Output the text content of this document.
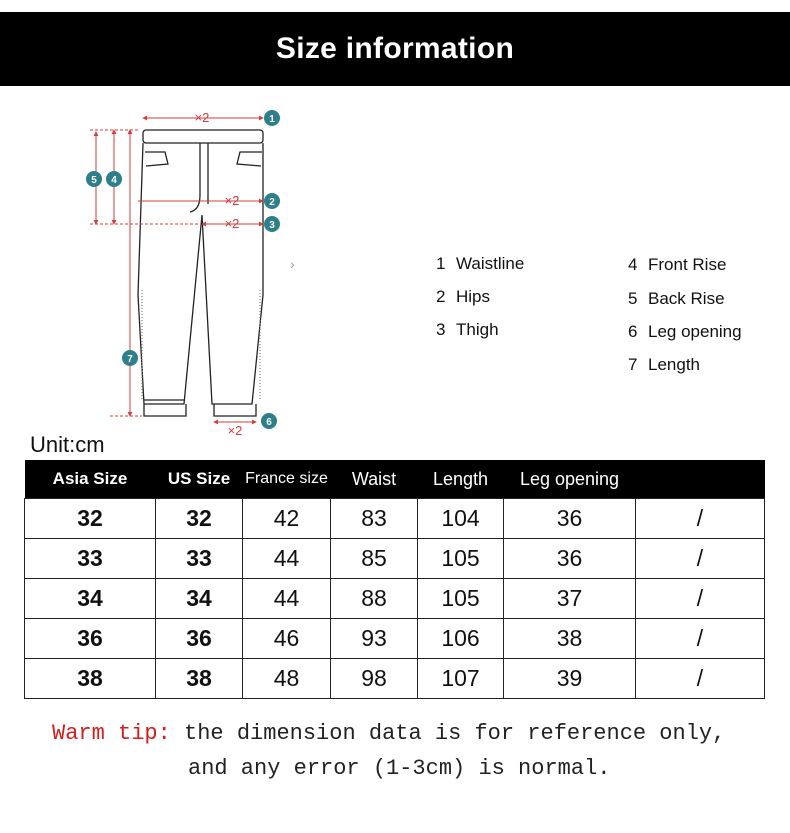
Size information
×2
×2
×2
×2
1
2
3
4
5
6
7
›	1 Waistline
2 Hips
3 Thigh
4 Front Rise
5 Back Rise
6 Leg opening
7 Length
Unit:cm
Asia Size	US Size	France size	Waist	Length	Leg opening	
32	32	42	83	104	36	/
33	33	44	85	105	36	/
34	34	44	88	105	37	/
36	36	46	93	106	38	/
38	38	48	98	107	39	/
Warm tip: the dimension data is for reference only,
and any error (1-3cm) is normal.
